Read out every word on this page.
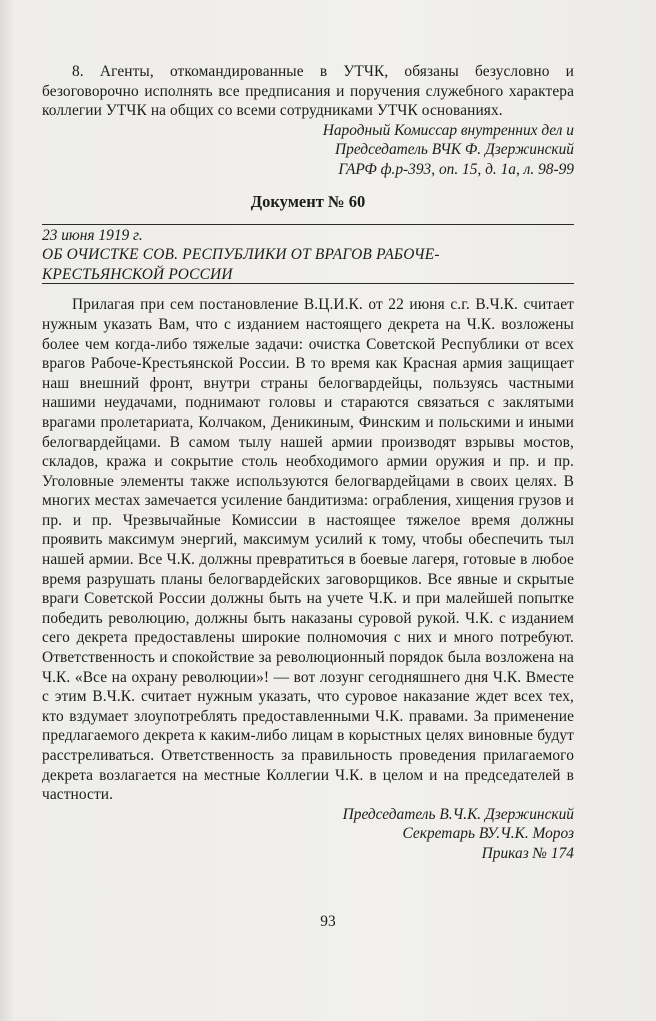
8. Агенты, откомандированные в УТЧК, обязаны безусловно и безоговорочно исполнять все предписания и поручения служебного характера коллегии УТЧК на общих со всеми сотрудниками УТЧК основаниях.

Народный Комиссар внутренних дел и

Председатель ВЧК Ф. Дзержинский

ГАРФ ф.р-393, оп. 15, д. 1а, л. 98-99

Документ № 60

23 июня 1919 г.

ОБ ОЧИСТКЕ СОВ. РЕСПУБЛИКИ ОТ ВРАГОВ РАБОЧЕ-

КРЕСТЬЯНСКОЙ РОССИИ

Прилагая при сем постановление В.Ц.И.К. от 22 июня с.г. В.Ч.К. считает нужным указать Вам, что с изданием настоящего декрета на Ч.К. возложены более чем когда-либо тяжелые задачи: очистка Советской Республики от всех врагов Рабоче-Крестьянской России. В то время как Красная армия защищает наш внешний фронт, внутри страны белогвардейцы, пользуясь частными нашими неудачами, поднимают головы и стараются связаться с заклятыми врагами пролетариата, Колчаком, Деникиным, Финским и польскими и иными белогвардейцами. В самом тылу нашей армии производят взрывы мостов, складов, кража и сокрытие столь необходимого армии оружия и пр. и пр. Уголовные элементы также используются белогвардейцами в своих целях. В многих местах замечается усиление бандитизма: ограбления, хищения грузов и пр. и пр. Чрезвычайные Комиссии в настоящее тяжелое время должны проявить максимум энергий, максимум усилий к тому, чтобы обеспечить тыл нашей армии. Все Ч.К. должны превратиться в боевые лагеря, готовые в любое время разрушать планы белогвардейских заговорщиков. Все явные и скрытые враги Советской России должны быть на учете Ч.К. и при малейшей попытке победить революцию, должны быть наказаны суровой рукой. Ч.К. с изданием сего декрета предоставлены широкие полномочия с них и много потребуют. Ответственность и спокойствие за революционный порядок была возложена на Ч.К. «Все на охрану революции»! — вот лозунг сегодняшнего дня Ч.К. Вместе с этим В.Ч.К. считает нужным указать, что суровое наказание ждет всех тех, кто вздумает злоупотреблять предоставленными Ч.К. правами. За применение предлагаемого декрета к каким-либо лицам в корыстных целях виновные будут расстреливаться. Ответственность за правильность проведения прилагаемого декрета возлагается на местные Коллегии Ч.К. в целом и на председателей в частности.

Председатель В.Ч.К. Дзержинский

Секретарь ВУ.Ч.К. Мороз

Приказ № 174

93
